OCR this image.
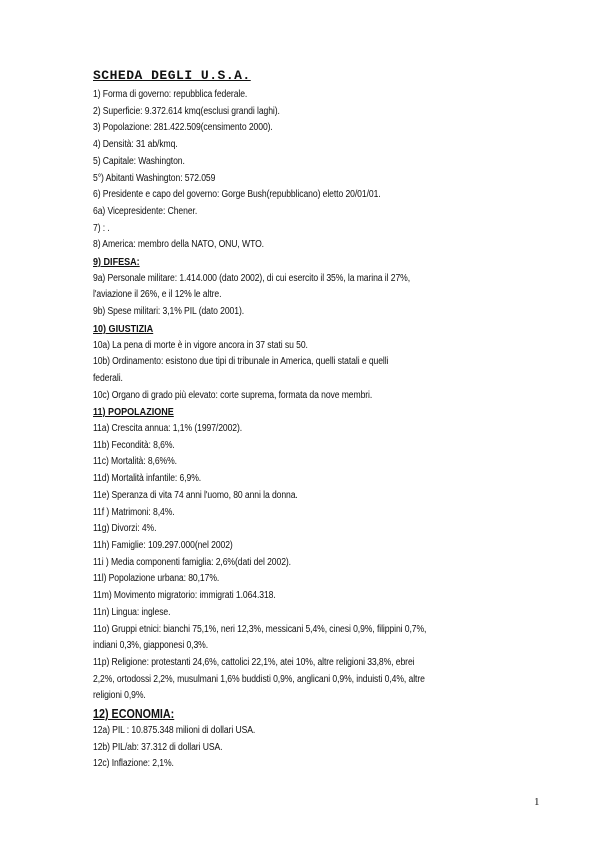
SCHEDA DEGLI U.S.A.
1) Forma di governo: repubblica federale.
2) Superficie: 9.372.614 kmq(esclusi grandi laghi).
3) Popolazione: 281.422.509(censimento 2000).
4) Densità: 31 ab/kmq.
5) Capitale: Washington.
5°) Abitanti Washington: 572.059
6) Presidente e capo del governo: Gorge Bush(repubblicano) eletto 20/01/01.
6a) Vicepresidente: Chener.
7) : .
8) America: membro della NATO, ONU, WTO.
9) DIFESA:
9a) Personale militare: 1.414.000 (dato 2002), di cui esercito il 35%, la marina il 27%,
l'aviazione il 26%, e il 12% le altre.
9b) Spese militari: 3,1% PIL (dato 2001).
10) GIUSTIZIA
10a) La pena di morte è in vigore ancora in 37 stati su 50.
10b) Ordinamento: esistono due tipi di tribunale in America, quelli statali e quelli
federali.
10c) Organo di grado più elevato: corte suprema, formata da nove membri.
11) POPOLAZIONE
11a) Crescita annua: 1,1% (1997/2002).
11b) Fecondità: 8,6%.
11c) Mortalità: 8,6%%.
11d) Mortalità infantile: 6,9%.
11e) Speranza di vita 74 anni l'uomo, 80 anni la donna.
11f ) Matrimoni: 8,4%.
11g) Divorzi: 4%.
11h) Famiglie: 109.297.000(nel 2002)
11i ) Media componenti famiglia: 2,6%(dati del 2002).
11l) Popolazione urbana: 80,17%.
11m) Movimento migratorio: immigrati 1.064.318.
11n) Lingua: inglese.
11o) Gruppi etnici: bianchi 75,1%, neri 12,3%, messicani 5,4%, cinesi 0,9%, filippini 0,7%,
indiani 0,3%, giapponesi 0,3%.
11p) Religione: protestanti 24,6%, cattolici 22,1%, atei 10%, altre religioni 33,8%, ebrei
2,2%, ortodossi 2,2%, musulmani 1,6% buddisti 0,9%, anglicani 0,9%, induisti 0,4%, altre
religioni 0,9%.
12) ECONOMIA:
12a) PIL : 10.875.348 milioni di dollari USA.
12b) PIL/ab: 37.312 di dollari USA.
12c) Inflazione: 2,1%.
1
